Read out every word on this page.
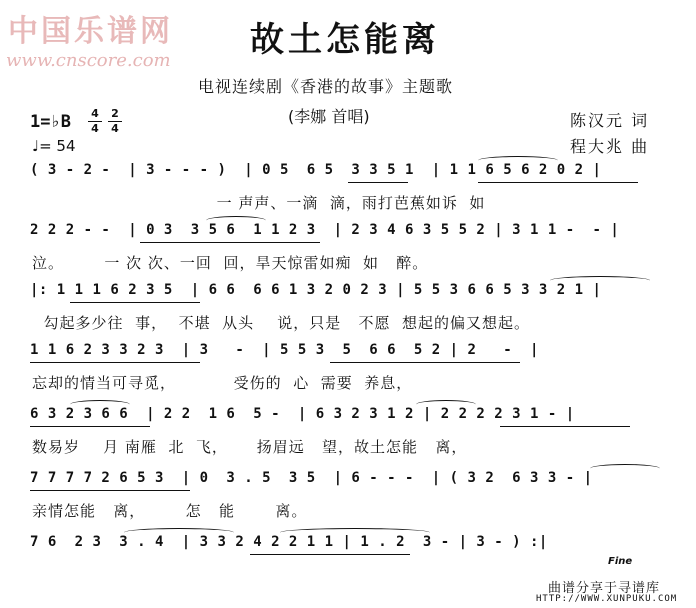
中国乐谱网
www.cnscore.com
故土怎能离
电视连续剧《香港的故事》主题歌
1=♭B 4
4
2
4
♩= 54
(李娜 首唱)	陈汉元 词
程大兆 曲
( 3 - 2 -  | 3 - - - )  | 0 5  6 5  3 3 5 1  | 1 1 6 5 6 2 0 2 |
一 声声、一滴  滴，雨打芭蕉如诉  如
2 2 2 - -  | 0 3  3 5 6  1 1 2 3  | 2 3 4 6 3 5 5 2 | 3 1 1 -  - |
泣。       一 次 次、一回  回，旱天惊雷如痴  如   醉。
|: 1 1 1 6 2 3 5  | 6 6  6 6 1 3 2 0 2 3 | 5 5 3 6 6 5 3 3 2 1 |
勾起多少往  事，  不堪  从头    说，只是   不愿  想起的偏又想起。
1 1 6 2 3 3 2 3  | 3   -  | 5 5 3  5  6 6  5 2 | 2   -  |
忘却的情当可寻觅，          受伤的  心  需要  养息，
6 3 2 3 6 6  | 2 2  1 6  5 -  | 6 3 2 3 1 2 | 2 2 2 2 3 1 - |
数易岁    月 南雁  北  飞，     扬眉远   望，故土怎能   离，
7 7 7 7 2 6 5 3  | 0  3 . 5  3 5  | 6 - - -  | ( 3 2  6 3 3 - |
亲情怎能   离，       怎   能       离。
7 6  2 3  3 . 4  | 3 3 2 4 2 2 1 1 | 1 . 2  3 - | 3 - ) :|
Fine
曲谱分享于寻谱库
HTTP://WWW.XUNPUKU.COM
